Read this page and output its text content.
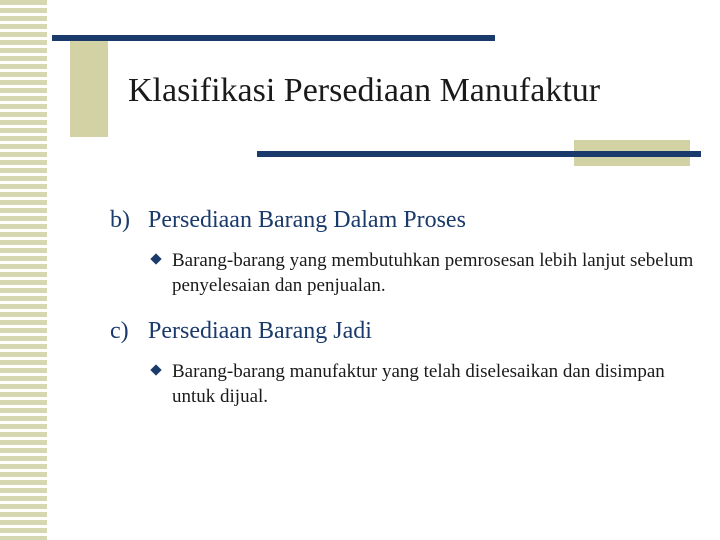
Klasifikasi Persediaan Manufaktur
b) Persediaan Barang Dalam Proses
Barang-barang yang membutuhkan pemrosesan lebih lanjut sebelum penyelesaian dan penjualan.
c) Persediaan Barang Jadi
Barang-barang manufaktur yang telah diselesaikan dan disimpan untuk dijual.
